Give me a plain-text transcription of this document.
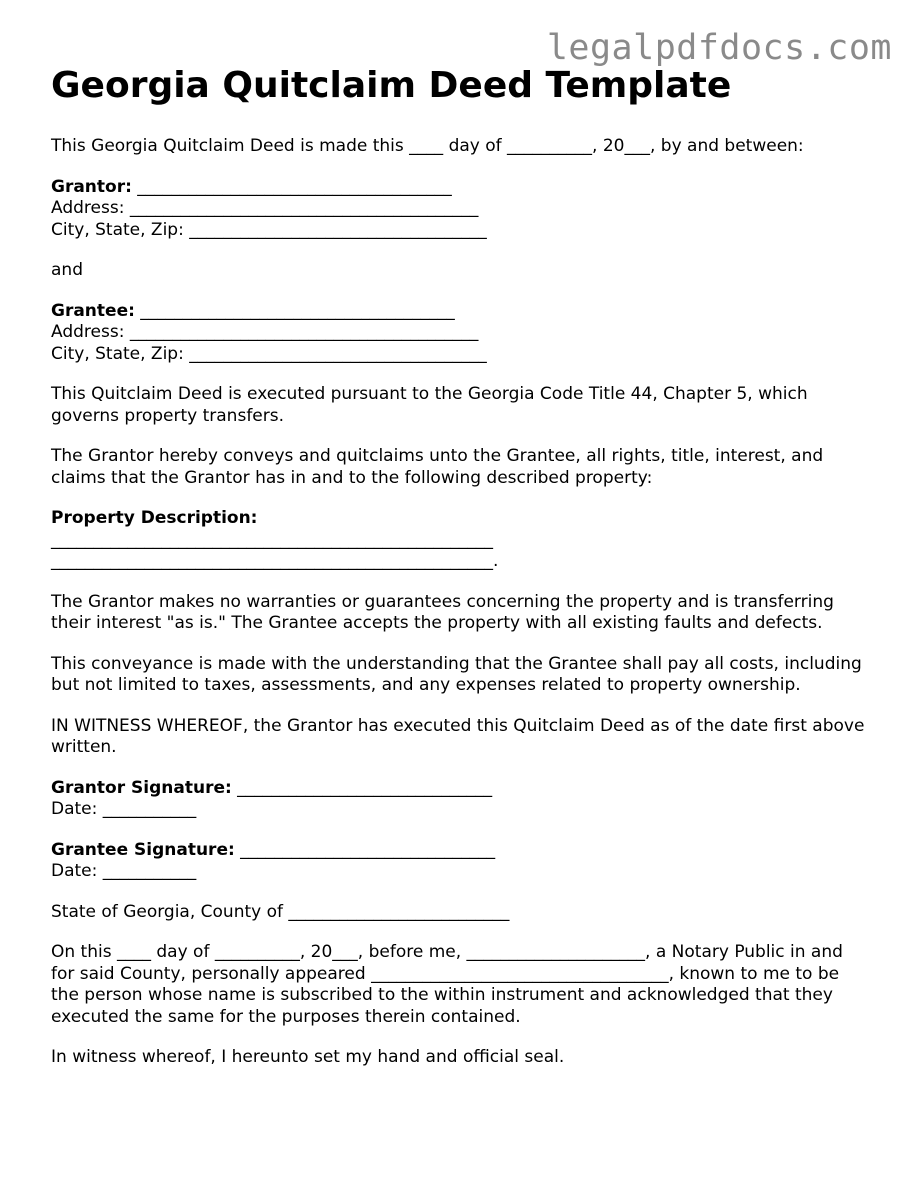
legalpdfdocs.com
Georgia Quitclaim Deed Template
This Georgia Quitclaim Deed is made this ____ day of __________, 20___, by and between:
Grantor: _____________________________________
Address: _________________________________________
City, State, Zip: ___________________________________
and
Grantee: _____________________________________
Address: _________________________________________
City, State, Zip: ___________________________________
This Quitclaim Deed is executed pursuant to the Georgia Code Title 44, Chapter 5, which governs property transfers.
The Grantor hereby conveys and quitclaims unto the Grantee, all rights, title, interest, and claims that the Grantor has in and to the following described property:
Property Description:
____________________________________________________
____________________________________________________.
The Grantor makes no warranties or guarantees concerning the property and is transferring their interest "as is." The Grantee accepts the property with all existing faults and defects.
This conveyance is made with the understanding that the Grantee shall pay all costs, including but not limited to taxes, assessments, and any expenses related to property ownership.
IN WITNESS WHEREOF, the Grantor has executed this Quitclaim Deed as of the date first above written.
Grantor Signature: ______________________________
Date: ___________
Grantee Signature: ______________________________
Date: ___________
State of Georgia, County of __________________________
On this ____ day of __________, 20___, before me, _____________________, a Notary Public in and for said County, personally appeared ___________________________________, known to me to be the person whose name is subscribed to the within instrument and acknowledged that they executed the same for the purposes therein contained.
In witness whereof, I hereunto set my hand and official seal.
